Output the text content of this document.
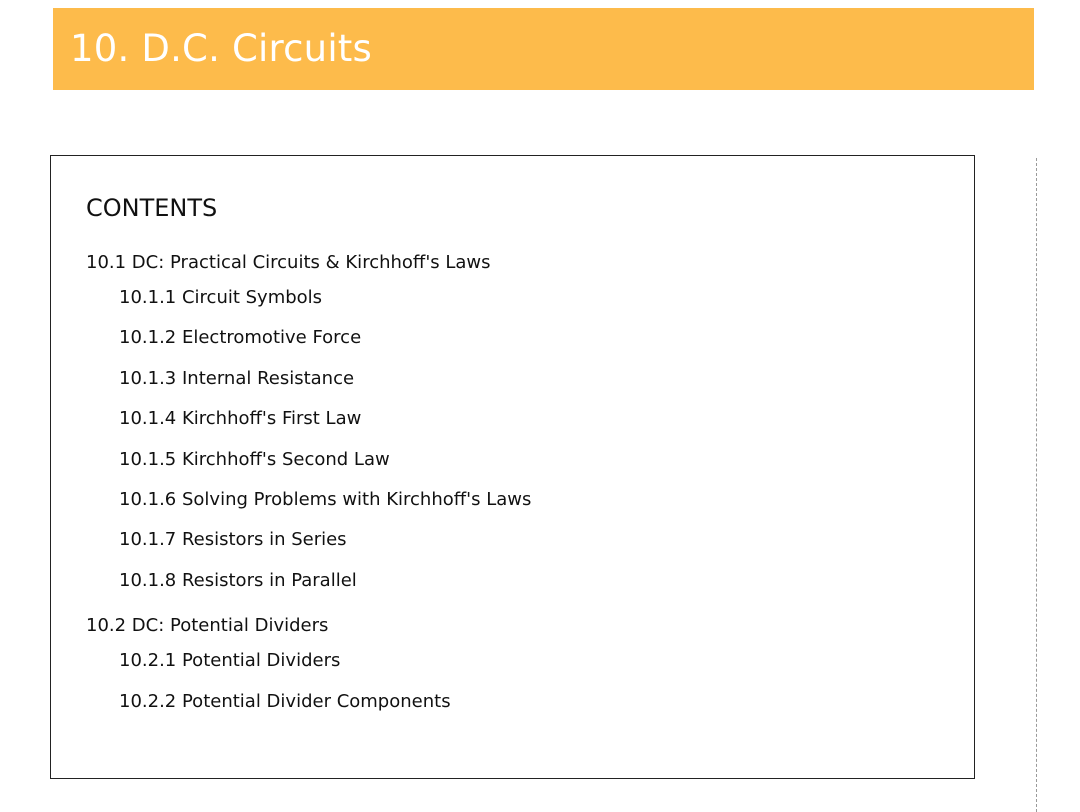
10. D.C. Circuits
CONTENTS
10.1 DC: Practical Circuits & Kirchhoff's Laws
10.1.1 Circuit Symbols
10.1.2 Electromotive Force
10.1.3 Internal Resistance
10.1.4 Kirchhoff's First Law
10.1.5 Kirchhoff's Second Law
10.1.6 Solving Problems with Kirchhoff's Laws
10.1.7 Resistors in Series
10.1.8 Resistors in Parallel
10.2 DC: Potential Dividers
10.2.1 Potential Dividers
10.2.2 Potential Divider Components
